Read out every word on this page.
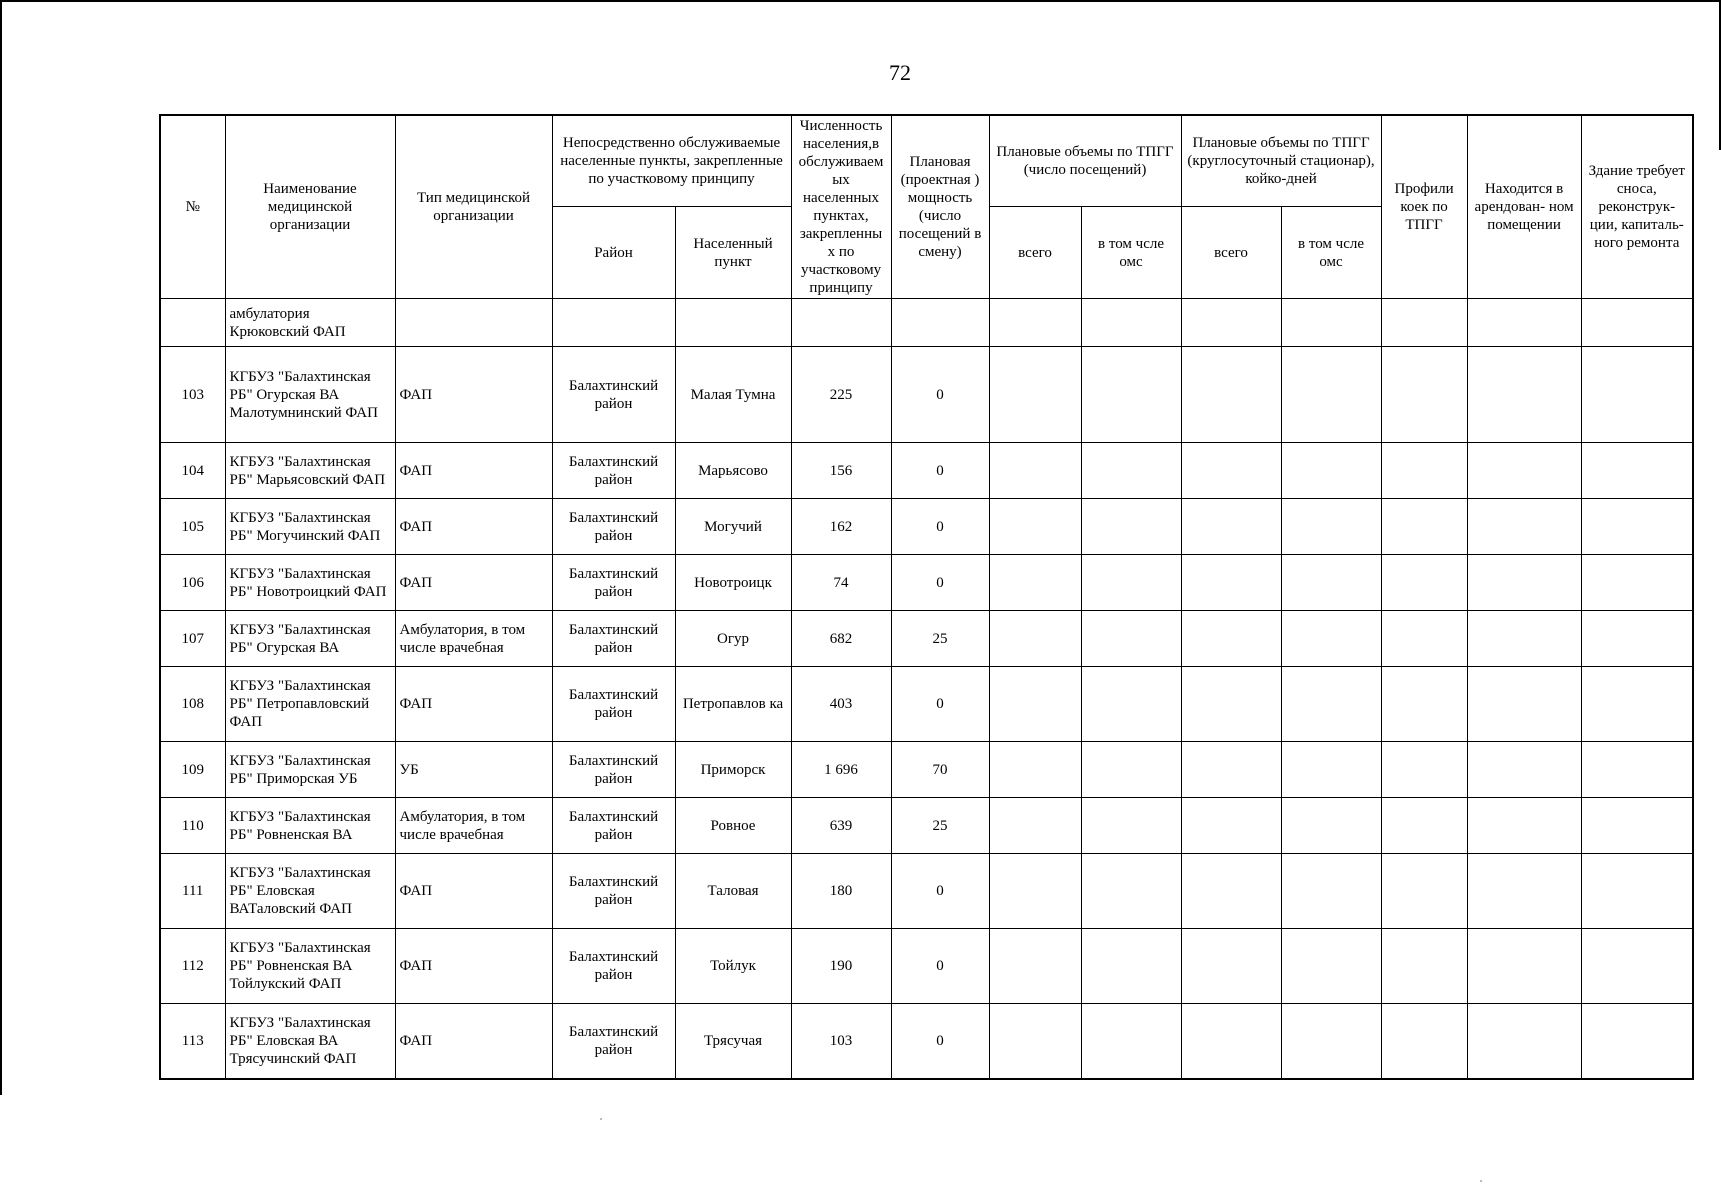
72
№	Наименование медицинской организации	Тип медицинской организации	Непосредственно обслуживаемые населенные пункты, закрепленные по участковому принципу		Численность населения,в обслуживаем ых населенных пунктах, закрепленны х по участковому принципу	Плановая (проектная ) мощность (число посещений в смену)	Плановые объемы по ТПГГ (число посещений)		Плановые объемы по ТПГГ (круглосуточный стационар), койко-дней		Профили коек по ТПГГ	Находится в арендован- ном помещении	Здание требует сноса, реконструк- ции, капиталь- ного ремонта
			Район	Населенный пункт			всего	в том чсле омс	всего	в том чсле омс			
	амбулатория Крюковский ФАП												
103	КГБУЗ "Балахтинская РБ" Огурская ВА Малотумнинский ФАП	ФАП	Балахтинский район	Малая Тумна	225	0							
104	КГБУЗ "Балахтинская РБ" Марьясовский ФАП	ФАП	Балахтинский район	Марьясово	156	0							
105	КГБУЗ "Балахтинская РБ" Могучинский ФАП	ФАП	Балахтинский район	Могучий	162	0							
106	КГБУЗ "Балахтинская РБ" Новотроицкий ФАП	ФАП	Балахтинский район	Новотроицк	74	0							
107	КГБУЗ "Балахтинская РБ" Огурская ВА	Амбулатория, в том числе врачебная	Балахтинский район	Огур	682	25							
108	КГБУЗ "Балахтинская РБ" Петропавловский ФАП	ФАП	Балахтинский район	Петропавлов ка	403	0							
109	КГБУЗ "Балахтинская РБ" Приморская УБ	УБ	Балахтинский район	Приморск	1 696	70							
110	КГБУЗ "Балахтинская РБ" Ровненская ВА	Амбулатория, в том числе врачебная	Балахтинский район	Ровное	639	25							
111	КГБУЗ "Балахтинская РБ" Еловская ВАТаловский ФАП	ФАП	Балахтинский район	Таловая	180	0							
112	КГБУЗ "Балахтинская РБ" Ровненская ВА Тойлукский ФАП	ФАП	Балахтинский район	Тойлук	190	0							
113	КГБУЗ "Балахтинская РБ" Еловская ВА Трясучинский ФАП	ФАП	Балахтинский район	Трясучая	103	0							
